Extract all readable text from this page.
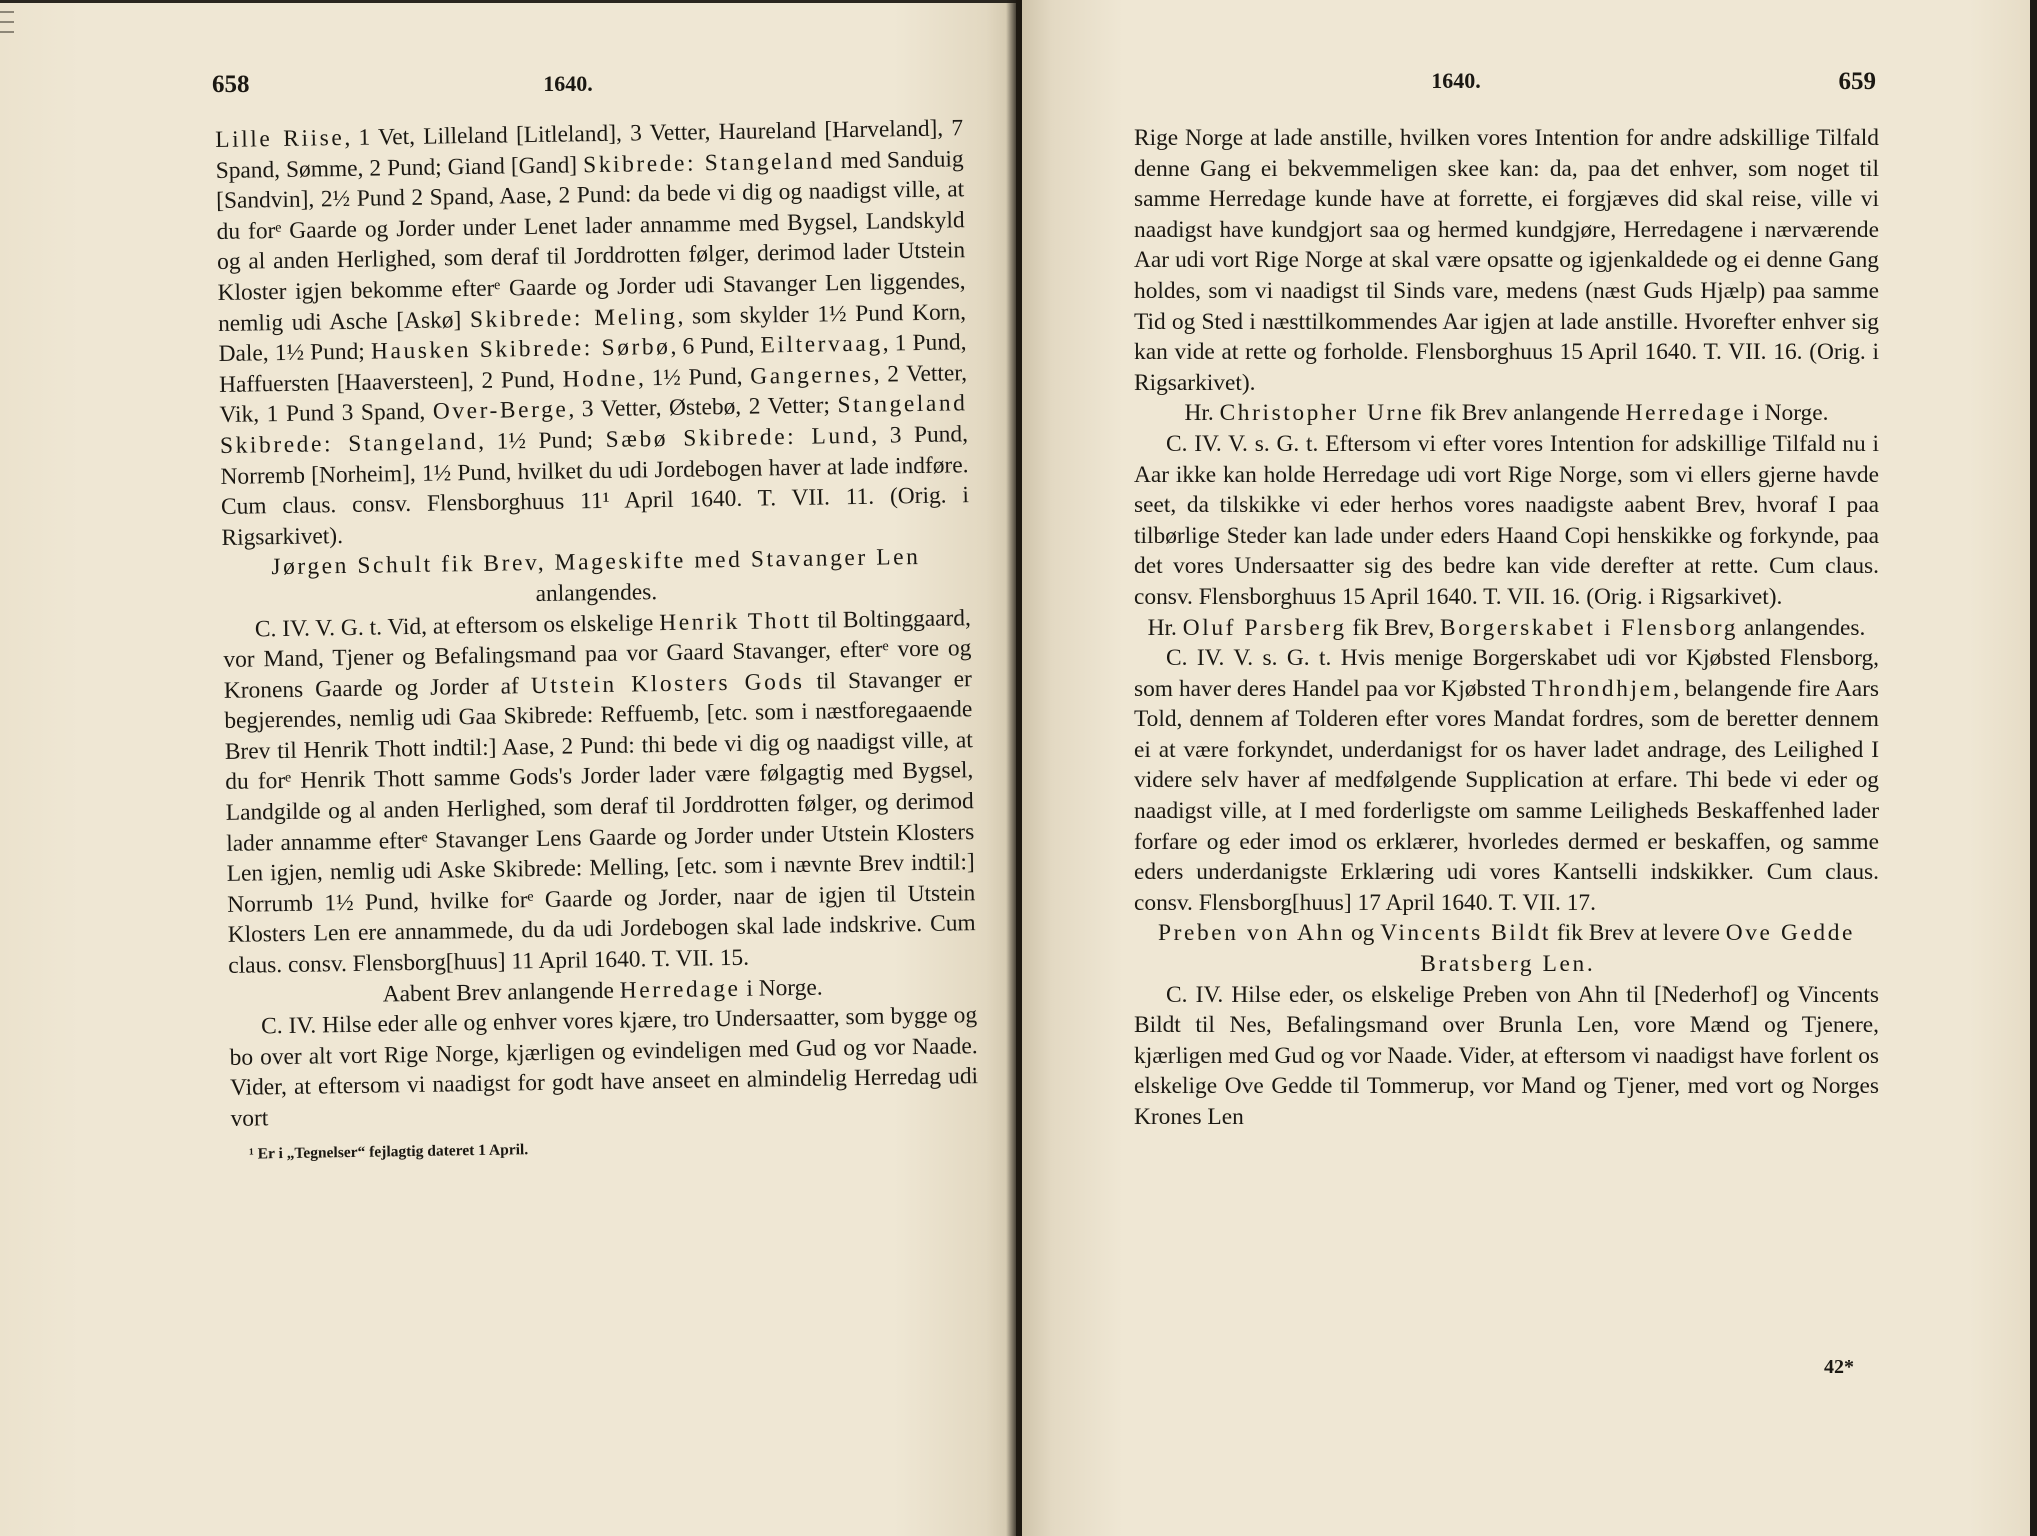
658	1640.

Lille Riise, 1 Vet, Lilleland [Litleland], 3 Vetter, Haureland [Harveland], 7 Spand, Sømme, 2 Pund; Giand [Gand] Skibrede: Stangeland med Sanduig [Sandvin], 2½ Pund 2 Spand, Aase, 2 Pund: da bede vi dig og naadigst ville, at du forᵉ Gaarde og Jorder under Lenet lader annamme med Bygsel, Landskyld og al anden Herlighed, som deraf til Jorddrotten følger, derimod lader Utstein Kloster igjen bekomme efterᵉ Gaarde og Jorder udi Stavanger Len liggendes, nemlig udi Asche [Askø] Skibrede: Meling, som skylder 1½ Pund Korn, Dale, 1½ Pund; Hausken Skibrede: Sørbø, 6 Pund, Eiltervaag, 1 Pund, Haffuersten [Haaversteen], 2 Pund, Hodne, 1½ Pund, Gangernes, 2 Vetter, Vik, 1 Pund 3 Spand, Over-Berge, 3 Vetter, Østebø, 2 Vetter; Stangeland Skibrede: Stangeland, 1½ Pund; Sæbø Skibrede: Lund, 3 Pund, Norremb [Norheim], 1½ Pund, hvilket du udi Jordebogen haver at lade indføre. Cum claus. consv. Flensborghuus 11¹ April 1640. T. VII. 11. (Orig. i Rigsarkivet).

Jørgen Schult fik Brev, Mageskifte med Stavanger Len anlangendes.

C. IV. V. G. t. Vid, at eftersom os elskelige Henrik Thott til Boltinggaard, vor Mand, Tjener og Befalingsmand paa vor Gaard Stavanger, efterᵉ vore og Kronens Gaarde og Jorder af Utstein Klosters Gods til Stavanger er begjerendes, nemlig udi Gaa Skibrede: Reffuemb, [etc. som i næstforegaaende Brev til Henrik Thott indtil:] Aase, 2 Pund: thi bede vi dig og naadigst ville, at du forᵉ Henrik Thott samme Gods's Jorder lader være følgagtig med Bygsel, Landgilde og al anden Herlighed, som deraf til Jorddrotten følger, og derimod lader annamme efterᵉ Stavanger Lens Gaarde og Jorder under Utstein Klosters Len igjen, nemlig udi Aske Skibrede: Melling, [etc. som i nævnte Brev indtil:] Norrumb 1½ Pund, hvilke forᵉ Gaarde og Jorder, naar de igjen til Utstein Klosters Len ere annammede, du da udi Jordebogen skal lade indskrive. Cum claus. consv. Flensborg[huus] 11 April 1640. T. VII. 15.

Aabent Brev anlangende Herredage i Norge.

C. IV. Hilse eder alle og enhver vores kjære, tro Undersaatter, som bygge og bo over alt vort Rige Norge, kjærligen og evindeligen med Gud og vor Naade. Vider, at eftersom vi naadigst for godt have anseet en almindelig Herredag udi vort

¹ Er i „Tegnelser“ fejlagtig dateret 1 April.

1640.	659

Rige Norge at lade anstille, hvilken vores Intention for andre adskillige Tilfald denne Gang ei bekvemmeligen skee kan: da, paa det enhver, som noget til samme Herredage kunde have at forrette, ei forgjæves did skal reise, ville vi naadigst have kundgjort saa og hermed kundgjøre, Herredagene i nærværende Aar udi vort Rige Norge at skal være opsatte og igjenkaldede og ei denne Gang holdes, som vi naadigst til Sinds vare, medens (næst Guds Hjælp) paa samme Tid og Sted i næsttilkommendes Aar igjen at lade anstille. Hvorefter enhver sig kan vide at rette og forholde. Flensborghuus 15 April 1640. T. VII. 16. (Orig. i Rigsarkivet).

Hr. Christopher Urne fik Brev anlangende Herredage i Norge.

C. IV. V. s. G. t. Eftersom vi efter vores Intention for adskillige Tilfald nu i Aar ikke kan holde Herredage udi vort Rige Norge, som vi ellers gjerne havde seet, da tilskikke vi eder herhos vores naadigste aabent Brev, hvoraf I paa tilbørlige Steder kan lade under eders Haand Copi henskikke og forkynde, paa det vores Undersaatter sig des bedre kan vide derefter at rette. Cum claus. consv. Flensborghuus 15 April 1640. T. VII. 16. (Orig. i Rigsarkivet).

Hr. Oluf Parsberg fik Brev, Borgerskabet i Flensborg anlangendes.

C. IV. V. s. G. t. Hvis menige Borgerskabet udi vor Kjøbsted Flensborg, som haver deres Handel paa vor Kjøbsted Throndhjem, belangende fire Aars Told, dennem af Tolderen efter vores Mandat fordres, som de beretter dennem ei at være forkyndet, underdanigst for os haver ladet andrage, des Leilighed I videre selv haver af medfølgende Supplication at erfare. Thi bede vi eder og naadigst ville, at I med forderligste om samme Leiligheds Beskaffenhed lader forfare og eder imod os erklærer, hvorledes dermed er beskaffen, og samme eders underdanigste Erklæring udi vores Kantselli indskikker. Cum claus. consv. Flensborg[huus] 17 April 1640. T. VII. 17.

Preben von Ahn og Vincents Bildt fik Brev at levere Ove Gedde Bratsberg Len.

C. IV. Hilse eder, os elskelige Preben von Ahn til [Nederhof] og Vincents Bildt til Nes, Befalingsmand over Brunla Len, vore Mænd og Tjenere, kjærligen med Gud og vor Naade. Vider, at eftersom vi naadigst have forlent os elskelige Ove Gedde til Tommerup, vor Mand og Tjener, med vort og Norges Krones Len

42*
